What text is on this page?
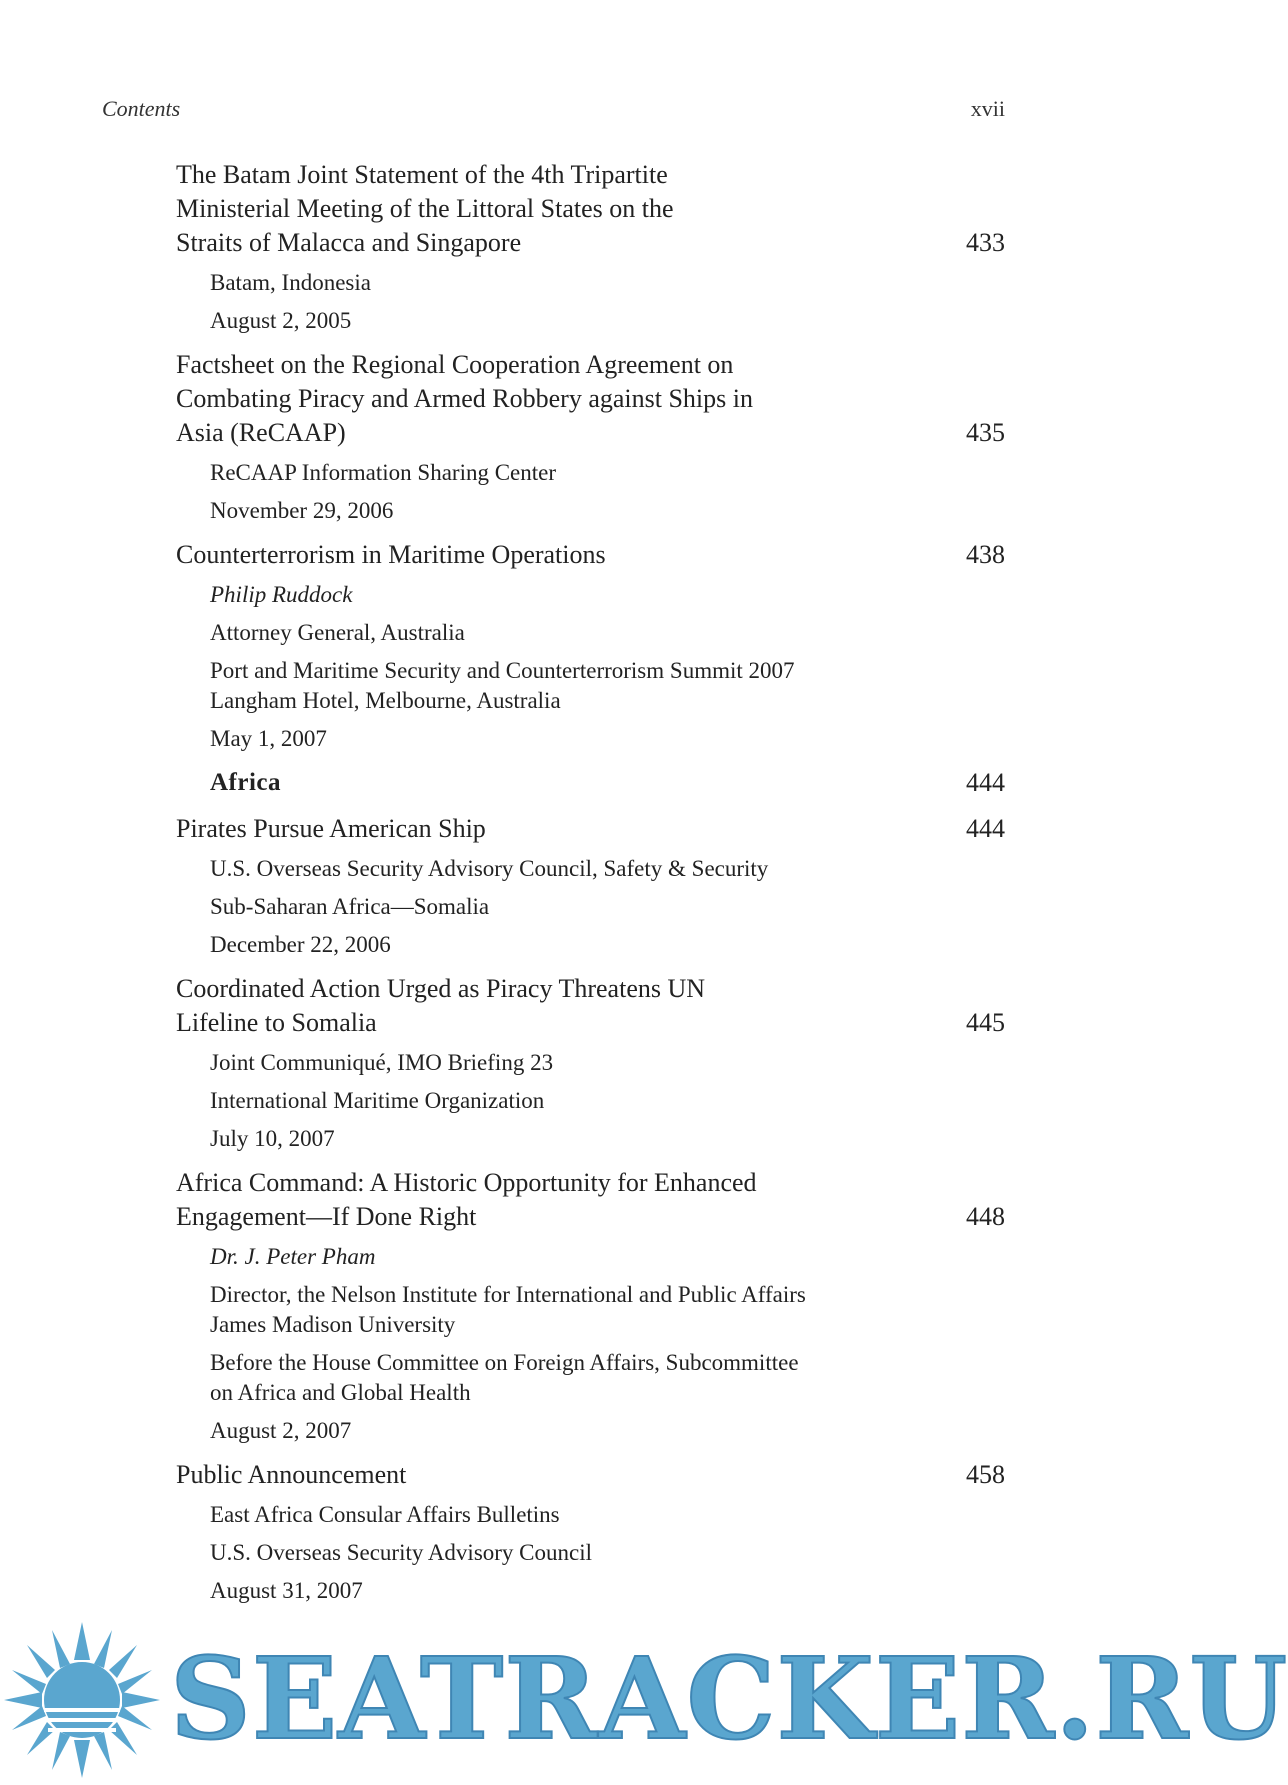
Contents	xvii
The Batam Joint Statement of the 4th Tripartite
Ministerial Meeting of the Littoral States on the
Straits of Malacca and Singapore	433
Batam, Indonesia
August 2, 2005
Factsheet on the Regional Cooperation Agreement on
Combating Piracy and Armed Robbery against Ships in
Asia (ReCAAP)	435
ReCAAP Information Sharing Center
November 29, 2006
Counterterrorism in Maritime Operations	438
Philip Ruddock
Attorney General, Australia
Port and Maritime Security and Counterterrorism Summit 2007
Langham Hotel, Melbourne, Australia
May 1, 2007
Africa	444
Pirates Pursue American Ship	444
U.S. Overseas Security Advisory Council, Safety & Security
Sub-Saharan Africa—Somalia
December 22, 2006
Coordinated Action Urged as Piracy Threatens UN
Lifeline to Somalia	445
Joint Communiqué, IMO Briefing 23
International Maritime Organization
July 10, 2007
Africa Command: A Historic Opportunity for Enhanced
Engagement—If Done Right	448
Dr. J. Peter Pham
Director, the Nelson Institute for International and Public Affairs
James Madison University
Before the House Committee on Foreign Affairs, Subcommittee
on Africa and Global Health
August 2, 2007
Public Announcement	458
East Africa Consular Affairs Bulletins
U.S. Overseas Security Advisory Council
August 31, 2007
SEATRACKER.RU
